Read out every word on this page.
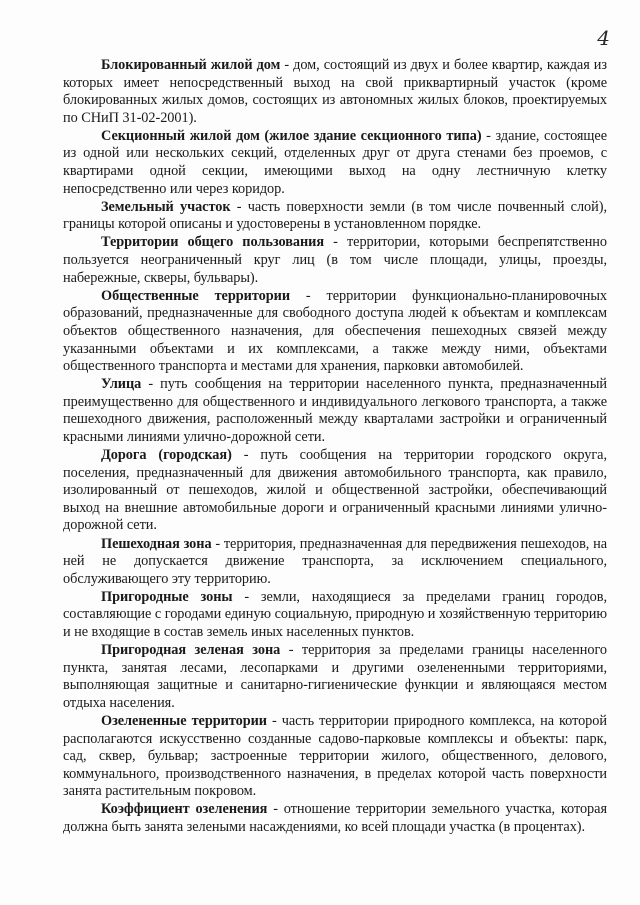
4

Блокированный жилой дом - дом, состоящий из двух и более квартир, каждая из которых имеет непосредственный выход на свой приквартирный участок (кроме блокированных жилых домов, состоящих из автономных жилых блоков, проектируемых по СНиП 31-02-2001).

Секционный жилой дом (жилое здание секционного типа) - здание, состоящее из одной или нескольких секций, отделенных друг от друга стенами без проемов, с квартирами одной секции, имеющими выход на одну лестничную клетку непосредственно или через коридор.

Земельный участок - часть поверхности земли (в том числе почвенный слой), границы которой описаны и удостоверены в установленном порядке.

Территории общего пользования - территории, которыми беспрепятственно пользуется неограниченный круг лиц (в том числе площади, улицы, проезды, набережные, скверы, бульвары).

Общественные территории - территории функционально-планировочных образований, предназначенные для свободного доступа людей к объектам и комплексам объектов общественного назначения, для обеспечения пешеходных связей между указанными объектами и их комплексами, а также между ними, объектами общественного транспорта и местами для хранения, парковки автомобилей.

Улица - путь сообщения на территории населенного пункта, предназначенный преимущественно для общественного и индивидуального легкового транспорта, а также пешеходного движения, расположенный между кварталами застройки и ограниченный красными линиями улично-дорожной сети.

Дорога (городская) - путь сообщения на территории городского округа, поселения, предназначенный для движения автомобильного транспорта, как правило, изолированный от пешеходов, жилой и общественной застройки, обеспечивающий выход на внешние автомобильные дороги и ограниченный красными линиями улично-дорожной сети.

Пешеходная зона - территория, предназначенная для передвижения пешеходов, на ней не допускается движение транспорта, за исключением специального, обслуживающего эту территорию.

Пригородные зоны - земли, находящиеся за пределами границ городов, составляющие с городами единую социальную, природную и хозяйственную территорию и не входящие в состав земель иных населенных пунктов.

Пригородная зеленая зона - территория за пределами границы населенного пункта, занятая лесами, лесопарками и другими озелененными территориями, выполняющая защитные и санитарно-гигиенические функции и являющаяся местом отдыха населения.

Озелененные территории - часть территории природного комплекса, на которой располагаются искусственно созданные садово-парковые комплексы и объекты: парк, сад, сквер, бульвар; застроенные территории жилого, общественного, делового, коммунального, производственного назначения, в пределах которой часть поверхности занята растительным покровом.

Коэффициент озеленения - отношение территории земельного участка, которая должна быть занята зелеными насаждениями, ко всей площади участка (в процентах).
